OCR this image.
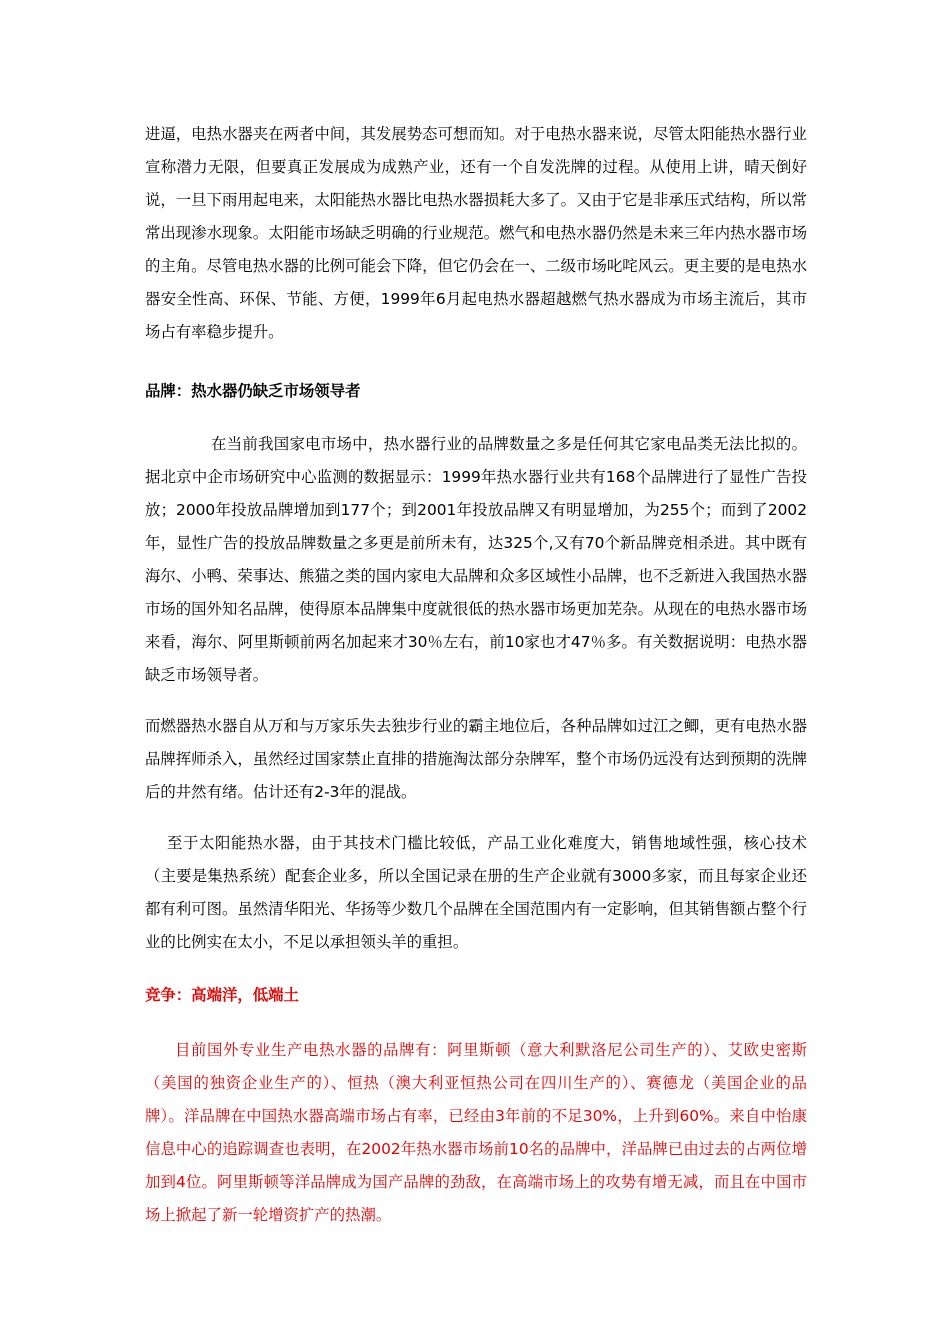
进逼，电热水器夹在两者中间，其发展势态可想而知。对于电热水器来说，尽管太阳能热水器行业宣称潜力无限，但要真正发展成为成熟产业，还有一个自发洗牌的过程。从使用上讲，晴天倒好说，一旦下雨用起电来，太阳能热水器比电热水器损耗大多了。又由于它是非承压式结构，所以常常出现渗水现象。太阳能市场缺乏明确的行业规范。燃气和电热水器仍然是未来三年内热水器市场的主角。尽管电热水器的比例可能会下降，但它仍会在一、二级市场叱咤风云。更主要的是电热水器安全性高、环保、节能、方便，1999年6月起电热水器超越燃气热水器成为市场主流后，其市场占有率稳步提升。

品牌：热水器仍缺乏市场领导者

在当前我国家电市场中，热水器行业的品牌数量之多是任何其它家电品类无法比拟的。据北京中企市场研究中心监测的数据显示：1999年热水器行业共有168个品牌进行了显性广告投放；2000年投放品牌增加到177个；到2001年投放品牌又有明显增加，为255个；而到了2002年，显性广告的投放品牌数量之多更是前所未有，达325个,又有70个新品牌竞相杀进。其中既有海尔、小鸭、荣事达、熊猫之类的国内家电大品牌和众多区域性小品牌，也不乏新进入我国热水器市场的国外知名品牌，使得原本品牌集中度就很低的热水器市场更加芜杂。从现在的电热水器市场来看，海尔、阿里斯顿前两名加起来才30％左右，前10家也才47％多。有关数据说明：电热水器缺乏市场领导者。

而燃器热水器自从万和与万家乐失去独步行业的霸主地位后，各种品牌如过江之鲫，更有电热水器品牌挥师杀入，虽然经过国家禁止直排的措施淘汰部分杂牌军，整个市场仍远没有达到预期的洗牌后的井然有绪。估计还有2-3年的混战。

至于太阳能热水器，由于其技术门槛比较低，产品工业化难度大，销售地域性强，核心技术（主要是集热系统）配套企业多，所以全国记录在册的生产企业就有3000多家，而且每家企业还都有利可图。虽然清华阳光、华扬等少数几个品牌在全国范围内有一定影响，但其销售额占整个行业的比例实在太小，不足以承担领头羊的重担。

竞争：高端洋，低端土

目前国外专业生产电热水器的品牌有：阿里斯顿（意大利默洛尼公司生产的）、艾欧史密斯（美国的独资企业生产的）、恒热（澳大利亚恒热公司在四川生产的）、赛德龙（美国企业的品牌）。洋品牌在中国热水器高端市场占有率，已经由3年前的不足30%，上升到60%。来自中怡康信息中心的追踪调查也表明，在2002年热水器市场前10名的品牌中，洋品牌已由过去的占两位增加到4位。阿里斯顿等洋品牌成为国产品牌的劲敌，在高端市场上的攻势有增无减，而且在中国市场上掀起了新一轮增资扩产的热潮。
